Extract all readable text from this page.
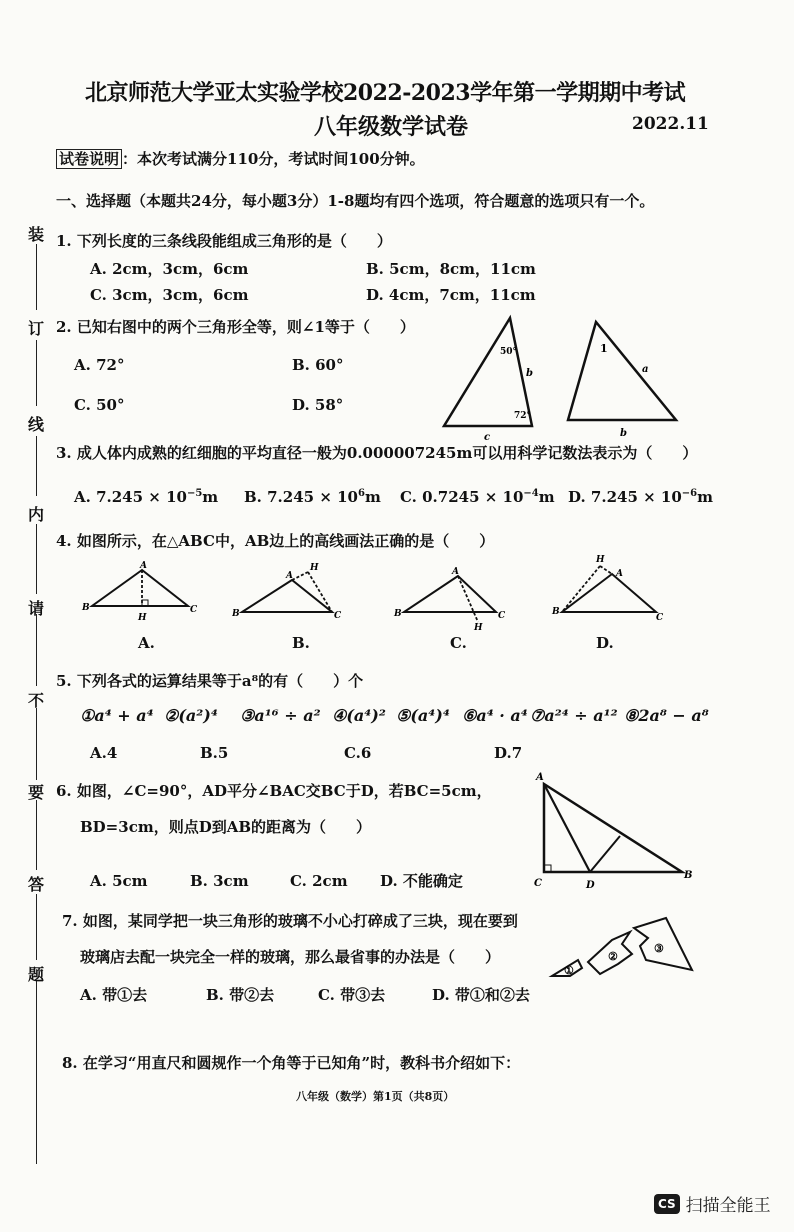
北京师范大学亚太实验学校2022-2023学年第一学期期中考试
八年级数学试卷	2022.11
试卷说明 ：本次考试满分110分，考试时间100分钟。
一、选择题（本题共24分，每小题3分）1-8题均有四个选项，符合题意的选项只有一个。
装
订
线
内
请
不
要
答
题
1. 下列长度的三条线段能组成三角形的是（　　）
A. 2cm，3cm，6cm	B. 5cm，8cm，11cm
C. 3cm，3cm，6cm	D. 4cm，7cm，11cm
2. 已知右图中的两个三角形全等，则∠1等于（　　）
A. 72°	B. 60°
C. 50°	D. 58°
50°
72°
b
c
1
a
b
3. 成人体内成熟的红细胞的平均直径一般为0.000007245m可以用科学记数法表示为（　　）
A. $7.245 \times 10^{-5}m$ B. $7.245 \times 10^6m$ C. $0.7245 \times 10^{-4}m$ D. $7.245 \times 10^{-6}m$
4. 如图所示，在△ABC中，AB边上的高线画法正确的是（　　）
A
B	C
H
A
H
B	C
A
B	C
H
H
A
B
C
A.	B.	C.	D.
5. 下列各式的运算结果等于a⁸的有（　　）个
①a⁴ + a⁴ ②(a²)⁴ ③a¹⁶ ÷ a² ④(a⁴)² ⑤(a⁴)⁴ ⑥a⁴ · a⁴ ⑦a²⁴ ÷ a¹² ⑧2a⁸ − a⁸
A.4	B.5	C.6	D.7
6. 如图，∠C=90°，AD平分∠BAC交BC于D，若BC=5cm，
BD=3cm，则点D到AB的距离为（　　）
A. 5cm	B. 3cm	C. 2cm D. 不能确定
A
C	D
B
7. 如图，某同学把一块三角形的玻璃不小心打碎成了三块，现在要到
玻璃店去配一块完全一样的玻璃，那么最省事的办法是（　　）
A. 带①去	B. 带②去	C. 带③去	D. 带①和②去
①
②
③
8. 在学习“用直尺和圆规作一个角等于已知角”时，教科书介绍如下：
八年级（数学）第1页（共8页）
CS 扫描全能王
